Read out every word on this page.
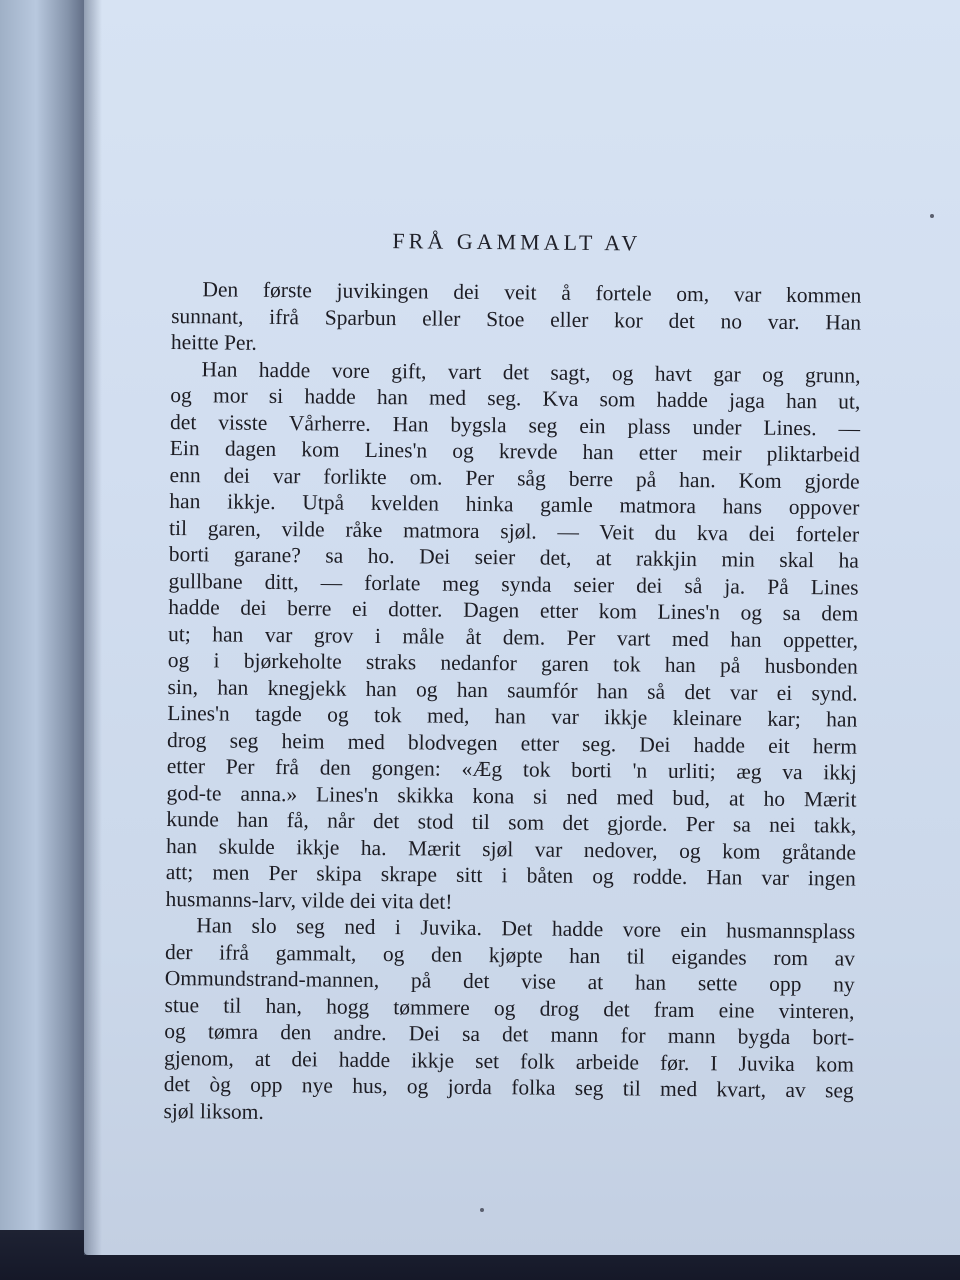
FRÅ GAMMALT AV

Den første juvikingen dei veit å fortele om, var kommen
sunnant, ifrå Sparbun eller Stoe eller kor det no var. Han
heitte Per.

Han hadde vore gift, vart det sagt, og havt gar og grunn,
og mor si hadde han med seg. Kva som hadde jaga han ut,
det visste Vårherre. Han bygsla seg ein plass under Lines. —
Ein dagen kom Lines'n og krevde han etter meir pliktarbeid
enn dei var forlikte om. Per såg berre på han. Kom gjorde
han ikkje. Utpå kvelden hinka gamle matmora hans oppover
til garen, vilde råke matmora sjøl. — Veit du kva dei forteler
borti garane? sa ho. Dei seier det, at rakkjin min skal ha
gullbane ditt, — forlate meg synda seier dei så ja. På Lines
hadde dei berre ei dotter. Dagen etter kom Lines'n og sa dem
ut; han var grov i måle åt dem. Per vart med han oppetter,
og i bjørkeholte straks nedanfor garen tok han på husbonden
sin, han knegjekk han og han saumfór han så det var ei synd.
Lines'n tagde og tok med, han var ikkje kleinare kar; han
drog seg heim med blodvegen etter seg. Dei hadde eit herm
etter Per frå den gongen: «Æg tok borti 'n urliti; æg va ikkj
god-te anna.» Lines'n skikka kona si ned med bud, at ho Mærit
kunde han få, når det stod til som det gjorde. Per sa nei takk,
han skulde ikkje ha. Mærit sjøl var nedover, og kom gråtande
att; men Per skipa skrape sitt i båten og rodde. Han var ingen
husmanns-larv, vilde dei vita det!

Han slo seg ned i Juvika. Det hadde vore ein husmannsplass
der ifrå gammalt, og den kjøpte han til eigandes rom av
Ommundstrand-mannen, på det vise at han sette opp ny
stue til han, hogg tømmere og drog det fram eine vinteren,
og tømra den andre. Dei sa det mann for mann bygda bort-
gjenom, at dei hadde ikkje set folk arbeide før. I Juvika kom
det òg opp nye hus, og jorda folka seg til med kvart, av seg
sjøl liksom.
